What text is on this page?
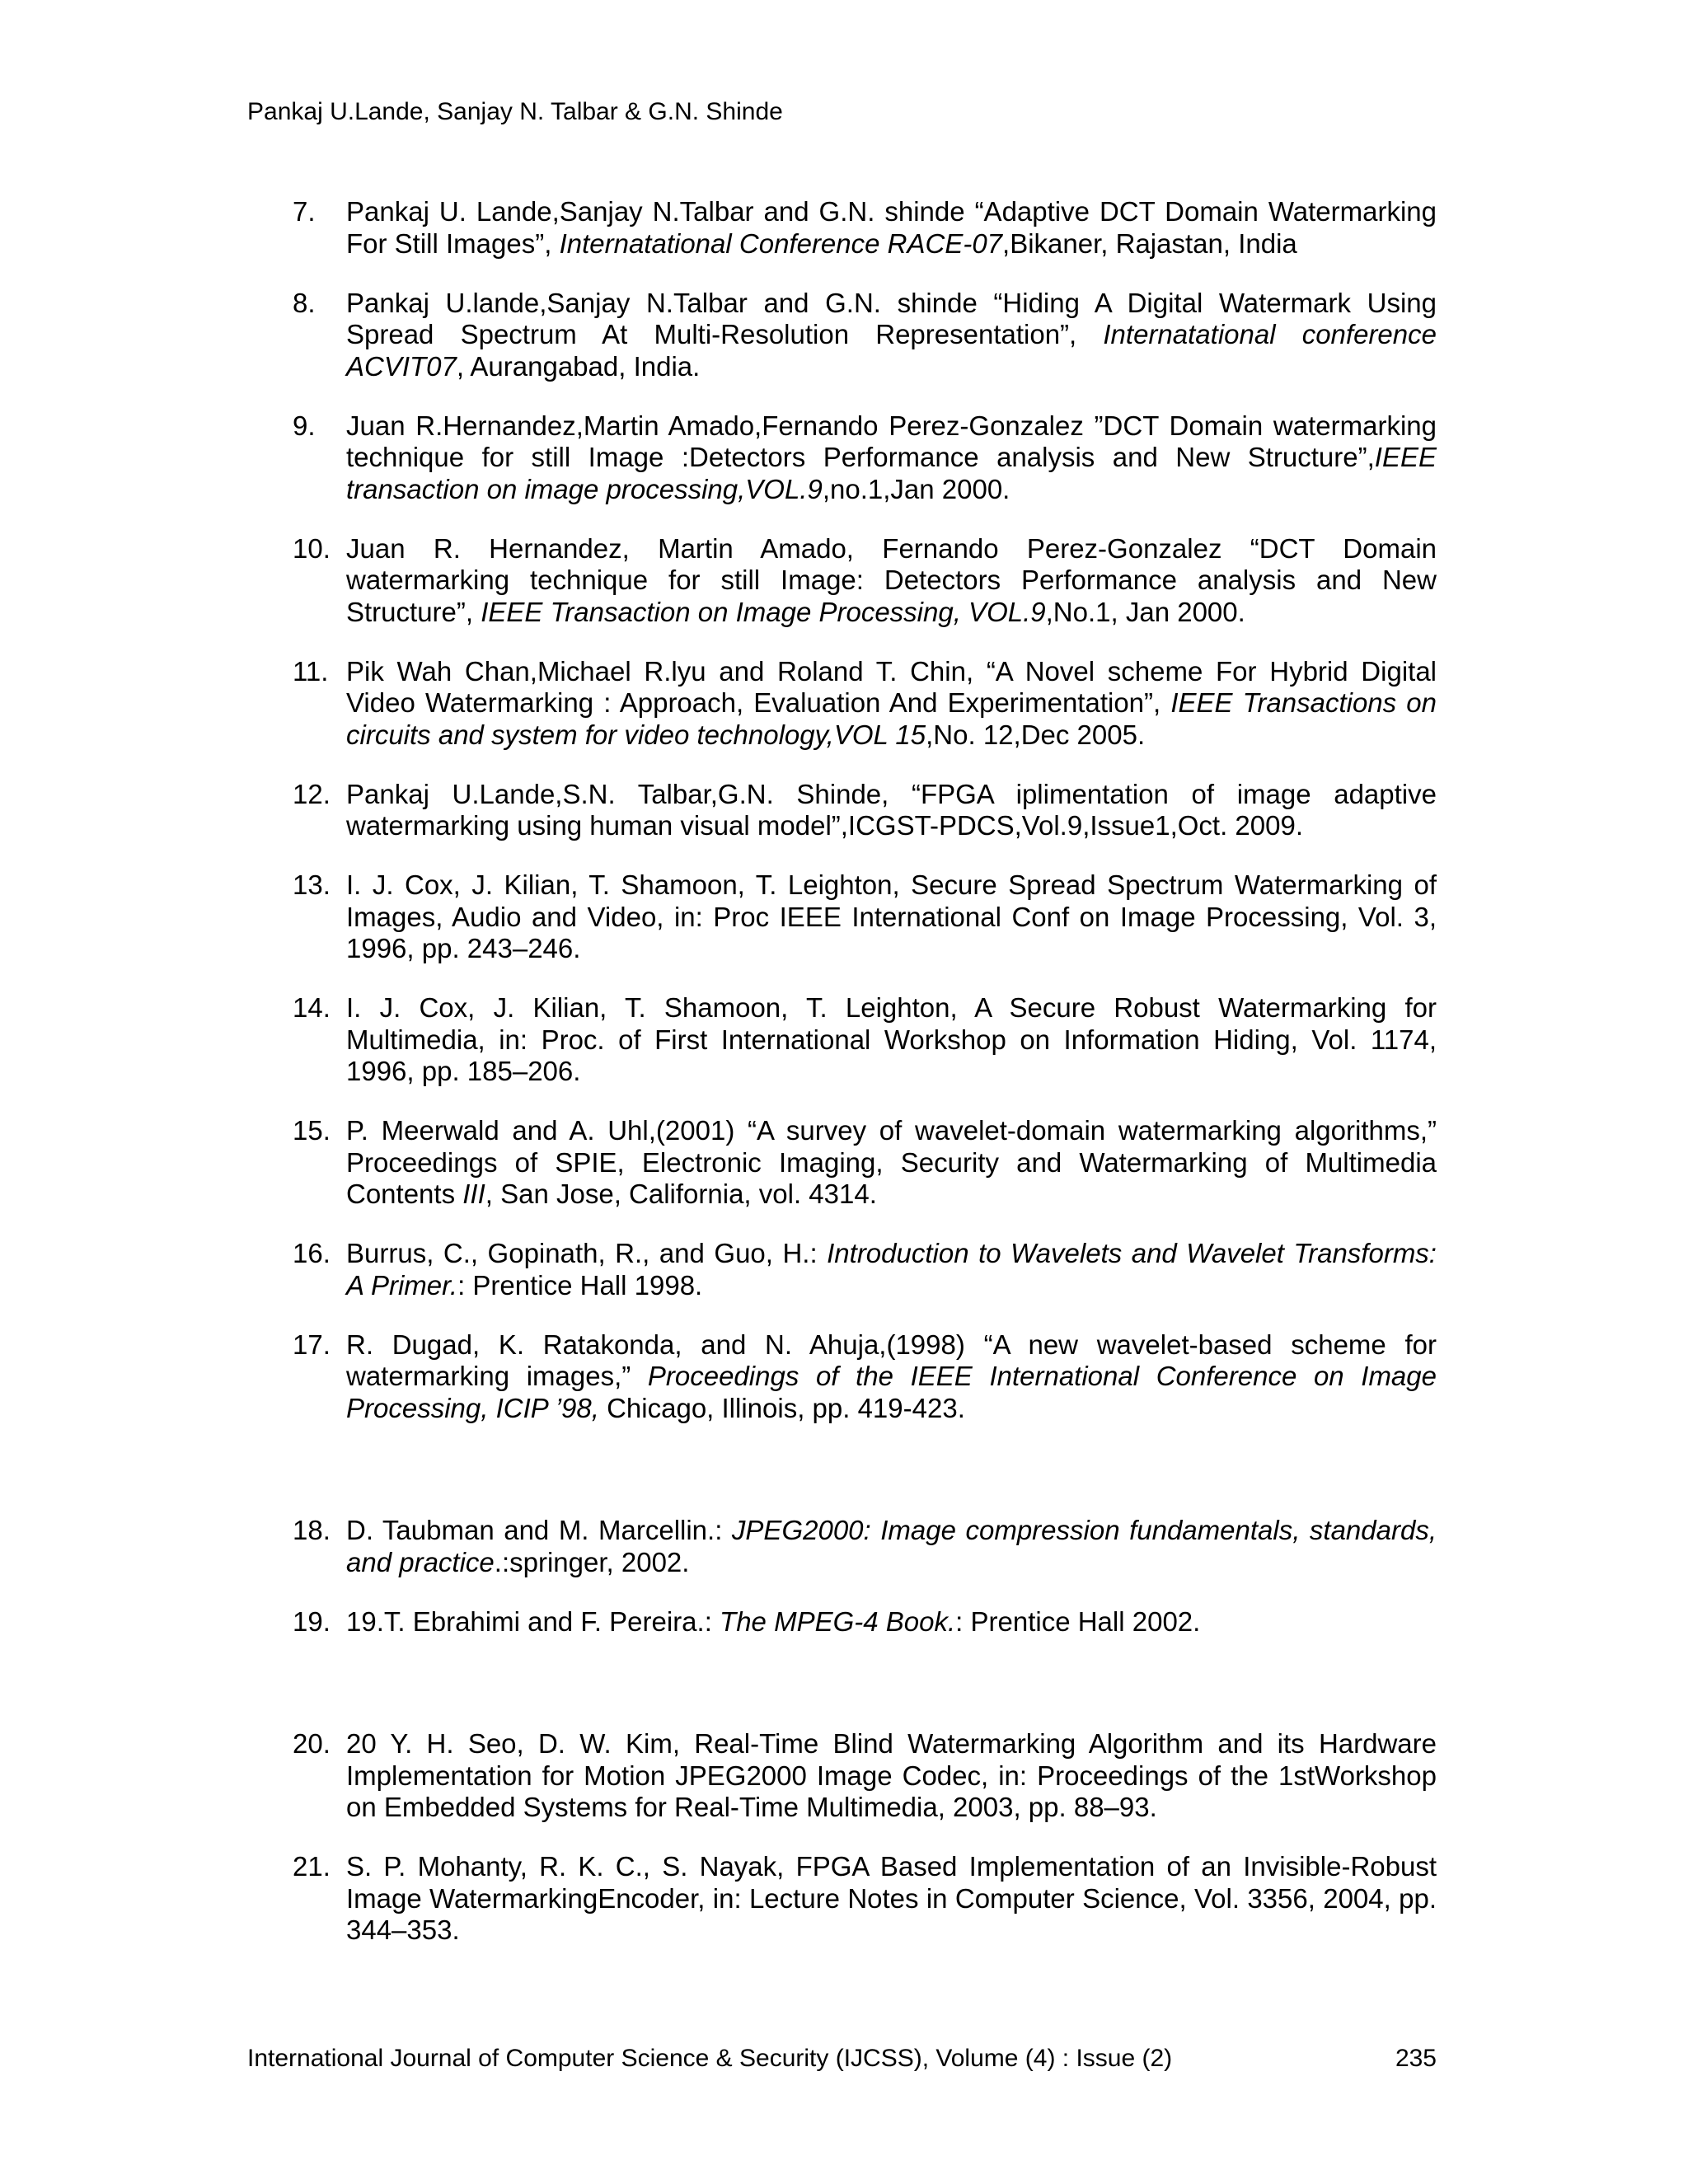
Pankaj U.Lande, Sanjay N. Talbar & G.N. Shinde
7. Pankaj U. Lande,Sanjay N.Talbar and G.N. shinde “Adaptive DCT Domain Watermarking For Still Images”, Internatational Conference RACE-07,Bikaner, Rajastan, India
8. Pankaj U.lande,Sanjay N.Talbar and G.N. shinde “Hiding A Digital Watermark Using Spread Spectrum At Multi-Resolution Representation”, Internatational conference ACVIT07, Aurangabad, India.
9. Juan R.Hernandez,Martin Amado,Fernando Perez-Gonzalez ”DCT Domain watermarking technique for still Image :Detectors Performance analysis and New Structure”,IEEE transaction on image processing,VOL.9,no.1,Jan 2000.
10. Juan R. Hernandez, Martin Amado, Fernando Perez-Gonzalez “DCT Domain watermarking technique for still Image: Detectors Performance analysis and New Structure”, IEEE Transaction on Image Processing, VOL.9,No.1, Jan 2000.
11. Pik Wah Chan,Michael R.lyu and Roland T. Chin, “A Novel scheme For Hybrid Digital Video Watermarking : Approach, Evaluation And Experimentation”, IEEE Transactions on circuits and system for video technology,VOL 15,No. 12,Dec 2005.
12. Pankaj U.Lande,S.N. Talbar,G.N. Shinde, “FPGA iplimentation of image adaptive watermarking using human visual model”,ICGST-PDCS,Vol.9,Issue1,Oct. 2009.
13. I. J. Cox, J. Kilian, T. Shamoon, T. Leighton, Secure Spread Spectrum Watermarking of Images, Audio and Video, in: Proc IEEE International Conf on Image Processing, Vol. 3, 1996, pp. 243–246.
14. I. J. Cox, J. Kilian, T. Shamoon, T. Leighton, A Secure Robust Watermarking for Multimedia, in: Proc. of First International Workshop on Information Hiding, Vol. 1174, 1996, pp. 185–206.
15. P. Meerwald and A. Uhl,(2001) “A survey of wavelet-domain watermarking algorithms,” Proceedings of SPIE, Electronic Imaging, Security and Watermarking of Multimedia Contents III, San Jose, California, vol. 4314.
16. Burrus, C., Gopinath, R., and Guo, H.: Introduction to Wavelets and Wavelet Transforms: A Primer.: Prentice Hall 1998.
17. R. Dugad, K. Ratakonda, and N. Ahuja,(1998) “A new wavelet-based scheme for watermarking images,” Proceedings of the IEEE International Conference on Image Processing, ICIP ’98, Chicago, Illinois, pp. 419-423.
18. D. Taubman and M. Marcellin.: JPEG2000: Image compression fundamentals, standards, and practice.:springer, 2002.
19. 19.T. Ebrahimi and F. Pereira.: The MPEG-4 Book.: Prentice Hall 2002.
20. 20 Y. H. Seo, D. W. Kim, Real-Time Blind Watermarking Algorithm and its Hardware Implementation for Motion JPEG2000 Image Codec, in: Proceedings of the 1stWorkshop on Embedded Systems for Real-Time Multimedia, 2003, pp. 88–93.
21. S. P. Mohanty, R. K. C., S. Nayak, FPGA Based Implementation of an Invisible-Robust Image WatermarkingEncoder, in: Lecture Notes in Computer Science, Vol. 3356, 2004, pp. 344–353.
International Journal of Computer Science & Security (IJCSS), Volume (4) : Issue (2)	235
